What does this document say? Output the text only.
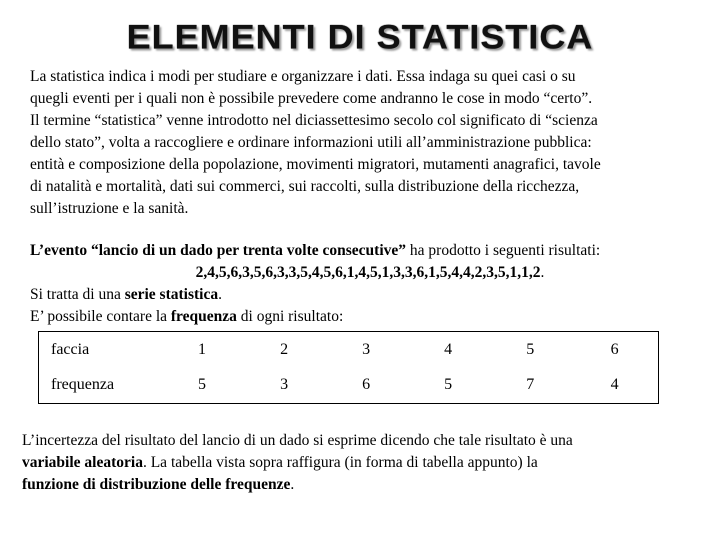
ELEMENTI DI STATISTICA

La statistica indica i modi per studiare e organizzare i dati. Essa indaga su quei casi o su
quegli eventi per i quali non è possibile prevedere come andranno le cose in modo “certo”.
Il termine “statistica” venne introdotto nel diciassettesimo secolo col significato di “scienza
dello stato”, volta a raccogliere e ordinare informazioni utili all’amministrazione pubblica:
entità e composizione della popolazione, movimenti migratori, mutamenti anagrafici, tavole
di natalità e mortalità, dati sui commerci, sui raccolti, sulla distribuzione della ricchezza,
sull’istruzione e la sanità.

L’evento “lancio di un dado per trenta volte consecutive” ha prodotto i seguenti risultati:

2,4,5,6,3,5,6,3,3,5,4,5,6,1,4,5,1,3,3,6,1,5,4,4,2,3,5,1,1,2.

Si tratta di una serie statistica.

E’ possibile contare la frequenza di ogni risultato:

faccia	1	2	3	4	5	6
frequenza	5	3	6	5	7	4

L’incertezza del risultato del lancio di un dado si esprime dicendo che tale risultato è una
variabile aleatoria. La tabella vista sopra raffigura (in forma di tabella appunto) la
funzione di distribuzione delle frequenze.
